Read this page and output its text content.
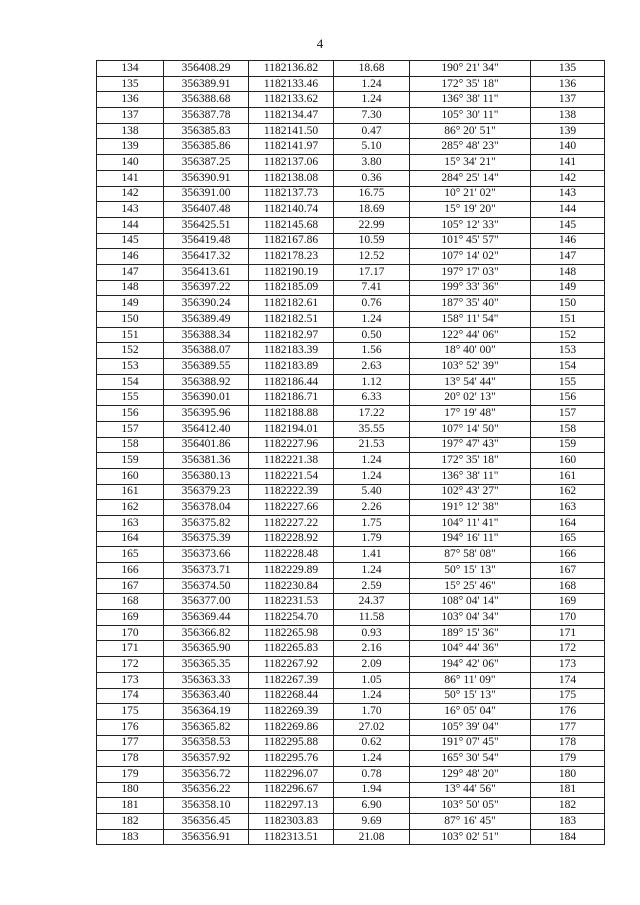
4
134	356408.29	1182136.82	18.68	190° 21' 34"	135
135	356389.91	1182133.46	1.24	172° 35' 18"	136
136	356388.68	1182133.62	1.24	136° 38' 11"	137
137	356387.78	1182134.47	7.30	105° 30' 11"	138
138	356385.83	1182141.50	0.47	86° 20' 51"	139
139	356385.86	1182141.97	5.10	285° 48' 23"	140
140	356387.25	1182137.06	3.80	15° 34' 21"	141
141	356390.91	1182138.08	0.36	284° 25' 14"	142
142	356391.00	1182137.73	16.75	10° 21' 02"	143
143	356407.48	1182140.74	18.69	15° 19' 20"	144
144	356425.51	1182145.68	22.99	105° 12' 33"	145
145	356419.48	1182167.86	10.59	101° 45' 57"	146
146	356417.32	1182178.23	12.52	107° 14' 02"	147
147	356413.61	1182190.19	17.17	197° 17' 03"	148
148	356397.22	1182185.09	7.41	199° 33' 36"	149
149	356390.24	1182182.61	0.76	187° 35' 40"	150
150	356389.49	1182182.51	1.24	158° 11' 54"	151
151	356388.34	1182182.97	0.50	122° 44' 06"	152
152	356388.07	1182183.39	1.56	18° 40' 00"	153
153	356389.55	1182183.89	2.63	103° 52' 39"	154
154	356388.92	1182186.44	1.12	13° 54' 44"	155
155	356390.01	1182186.71	6.33	20° 02' 13"	156
156	356395.96	1182188.88	17.22	17° 19' 48"	157
157	356412.40	1182194.01	35.55	107° 14' 50"	158
158	356401.86	1182227.96	21.53	197° 47' 43"	159
159	356381.36	1182221.38	1.24	172° 35' 18"	160
160	356380.13	1182221.54	1.24	136° 38' 11"	161
161	356379.23	1182222.39	5.40	102° 43' 27"	162
162	356378.04	1182227.66	2.26	191° 12' 38"	163
163	356375.82	1182227.22	1.75	104° 11' 41"	164
164	356375.39	1182228.92	1.79	194° 16' 11"	165
165	356373.66	1182228.48	1.41	87° 58' 08"	166
166	356373.71	1182229.89	1.24	50° 15' 13"	167
167	356374.50	1182230.84	2.59	15° 25' 46"	168
168	356377.00	1182231.53	24.37	108° 04' 14"	169
169	356369.44	1182254.70	11.58	103° 04' 34"	170
170	356366.82	1182265.98	0.93	189° 15' 36"	171
171	356365.90	1182265.83	2.16	104° 44' 36"	172
172	356365.35	1182267.92	2.09	194° 42' 06"	173
173	356363.33	1182267.39	1.05	86° 11' 09"	174
174	356363.40	1182268.44	1.24	50° 15' 13"	175
175	356364.19	1182269.39	1.70	16° 05' 04"	176
176	356365.82	1182269.86	27.02	105° 39' 04"	177
177	356358.53	1182295.88	0.62	191° 07' 45"	178
178	356357.92	1182295.76	1.24	165° 30' 54"	179
179	356356.72	1182296.07	0.78	129° 48' 20"	180
180	356356.22	1182296.67	1.94	13° 44' 56"	181
181	356358.10	1182297.13	6.90	103° 50' 05"	182
182	356356.45	1182303.83	9.69	87° 16' 45"	183
183	356356.91	1182313.51	21.08	103° 02' 51"	184
